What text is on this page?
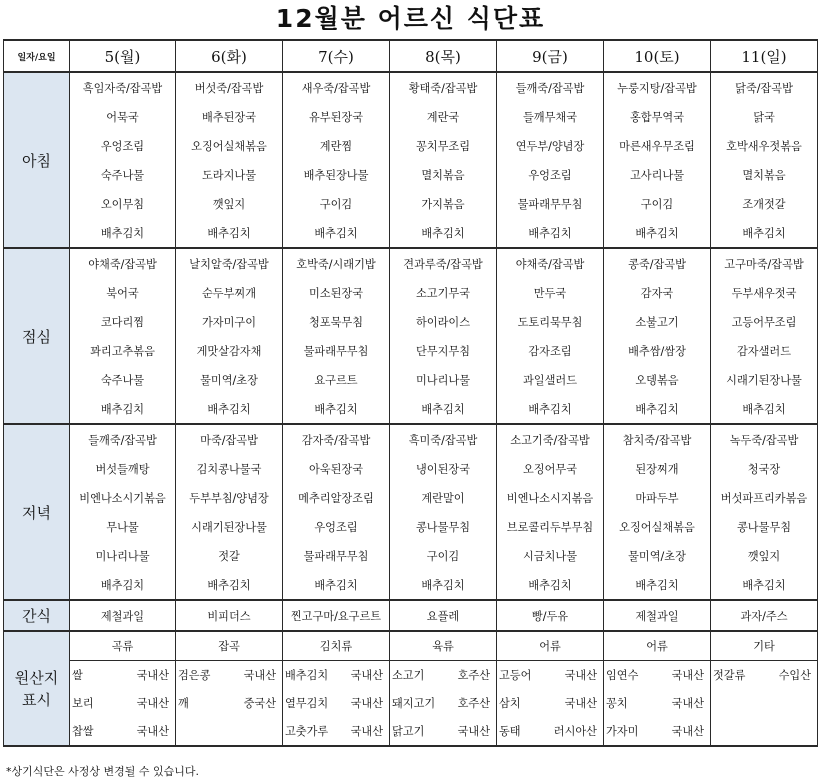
12월분 어르신 식단표
일자/요일	5(월)	6(화)	7(수)	8(목)	9(금)	10(토)	11(일)
아침	흑임자죽/잡곡밥	버섯죽/잡곡밥	새우죽/잡곡밥	황태죽/잡곡밥	들깨죽/잡곡밥	누룽지탕/잡곡밥	닭죽/잡곡밥
	어묵국	배추된장국	유부된장국	계란국	들깨무채국	홍합무역국	닭국
	우엉조림	오징어실채볶음	계란찜	꽁치무조림	연두부/양념장	마른새우무조림	호박새우젓볶음
	숙주나물	도라지나물	배추된장나물	멸치볶음	우엉조림	고사리나물	멸치볶음
	오이무침	깻잎지	구이김	가지볶음	물파래무무침	구이김	조개젓갈
	배추김치	배추김치	배추김치	배추김치	배추김치	배추김치	배추김치
점심	야채죽/잡곡밥	날치알죽/잡곡밥	호박죽/시래기밥	견과루죽/잡곡밥	야채죽/잡곡밥	콩죽/잡곡밥	고구마죽/잡곡밥
	북어국	순두부찌개	미소된장국	소고기무국	만두국	감자국	두부새우젓국
	코다리찜	가자미구이	청포묵무침	하이라이스	도토리묵무침	소불고기	고등어무조림
	꽈리고추볶음	게맛살감자채	물파래무무침	단무지무침	감자조림	배추쌈/쌈장	감자샐러드
	숙주나물	물미역/초장	요구르트	미나리나물	과일샐러드	오뎅볶음	시래기된장나물
	배추김치	배추김치	배추김치	배추김치	배추김치	배추김치	배추김치
저녁	들깨죽/잡곡밥	마죽/잡곡밥	감자죽/잡곡밥	흑미죽/잡곡밥	소고기죽/잡곡밥	참치죽/잡곡밥	녹두죽/잡곡밥
	버섯들깨탕	김치콩나물국	아욱된장국	냉이된장국	오징어무국	된장찌개	청국장
	비엔나소시기볶음	두부부침/양념장	메추리알장조림	계란말이	비엔나소시지볶음	마파두부	버섯파프리카볶음
	무나물	시래기된장나물	우엉조림	콩나물무침	브로콜리두부무침	오징어실채볶음	콩나물무침
	미나리나물	젓갈	물파래무무침	구이김	시금치나물	물미역/초장	깻잎지
	배추김치	배추김치	배추김치	배추김치	배추김치	배추김치	배추김치
간식	제철과일	비피더스	찐고구마/요구르트	요플레	빵/두유	제철과일	과자/주스

원산지
표시	곡류	잡곡	김치류	육류	어류	어류	기타

	쌀 국내산	검은콩 국내산	배추김치 국내산	소고기 호주산	고등어 국내산	임연수 국내산	젓갈류 수입산

	보리 국내산	깨 중국산	열무김치 국내산	돼지고기 호주산	삼치 국내산	꽁치 국내산	

	찹쌀 국내산		고춧가루 국내산	닭고기 국내산	동태 러시아산	가자미 국내산	

*상기식단은 사정상 변경될 수 있습니다.
